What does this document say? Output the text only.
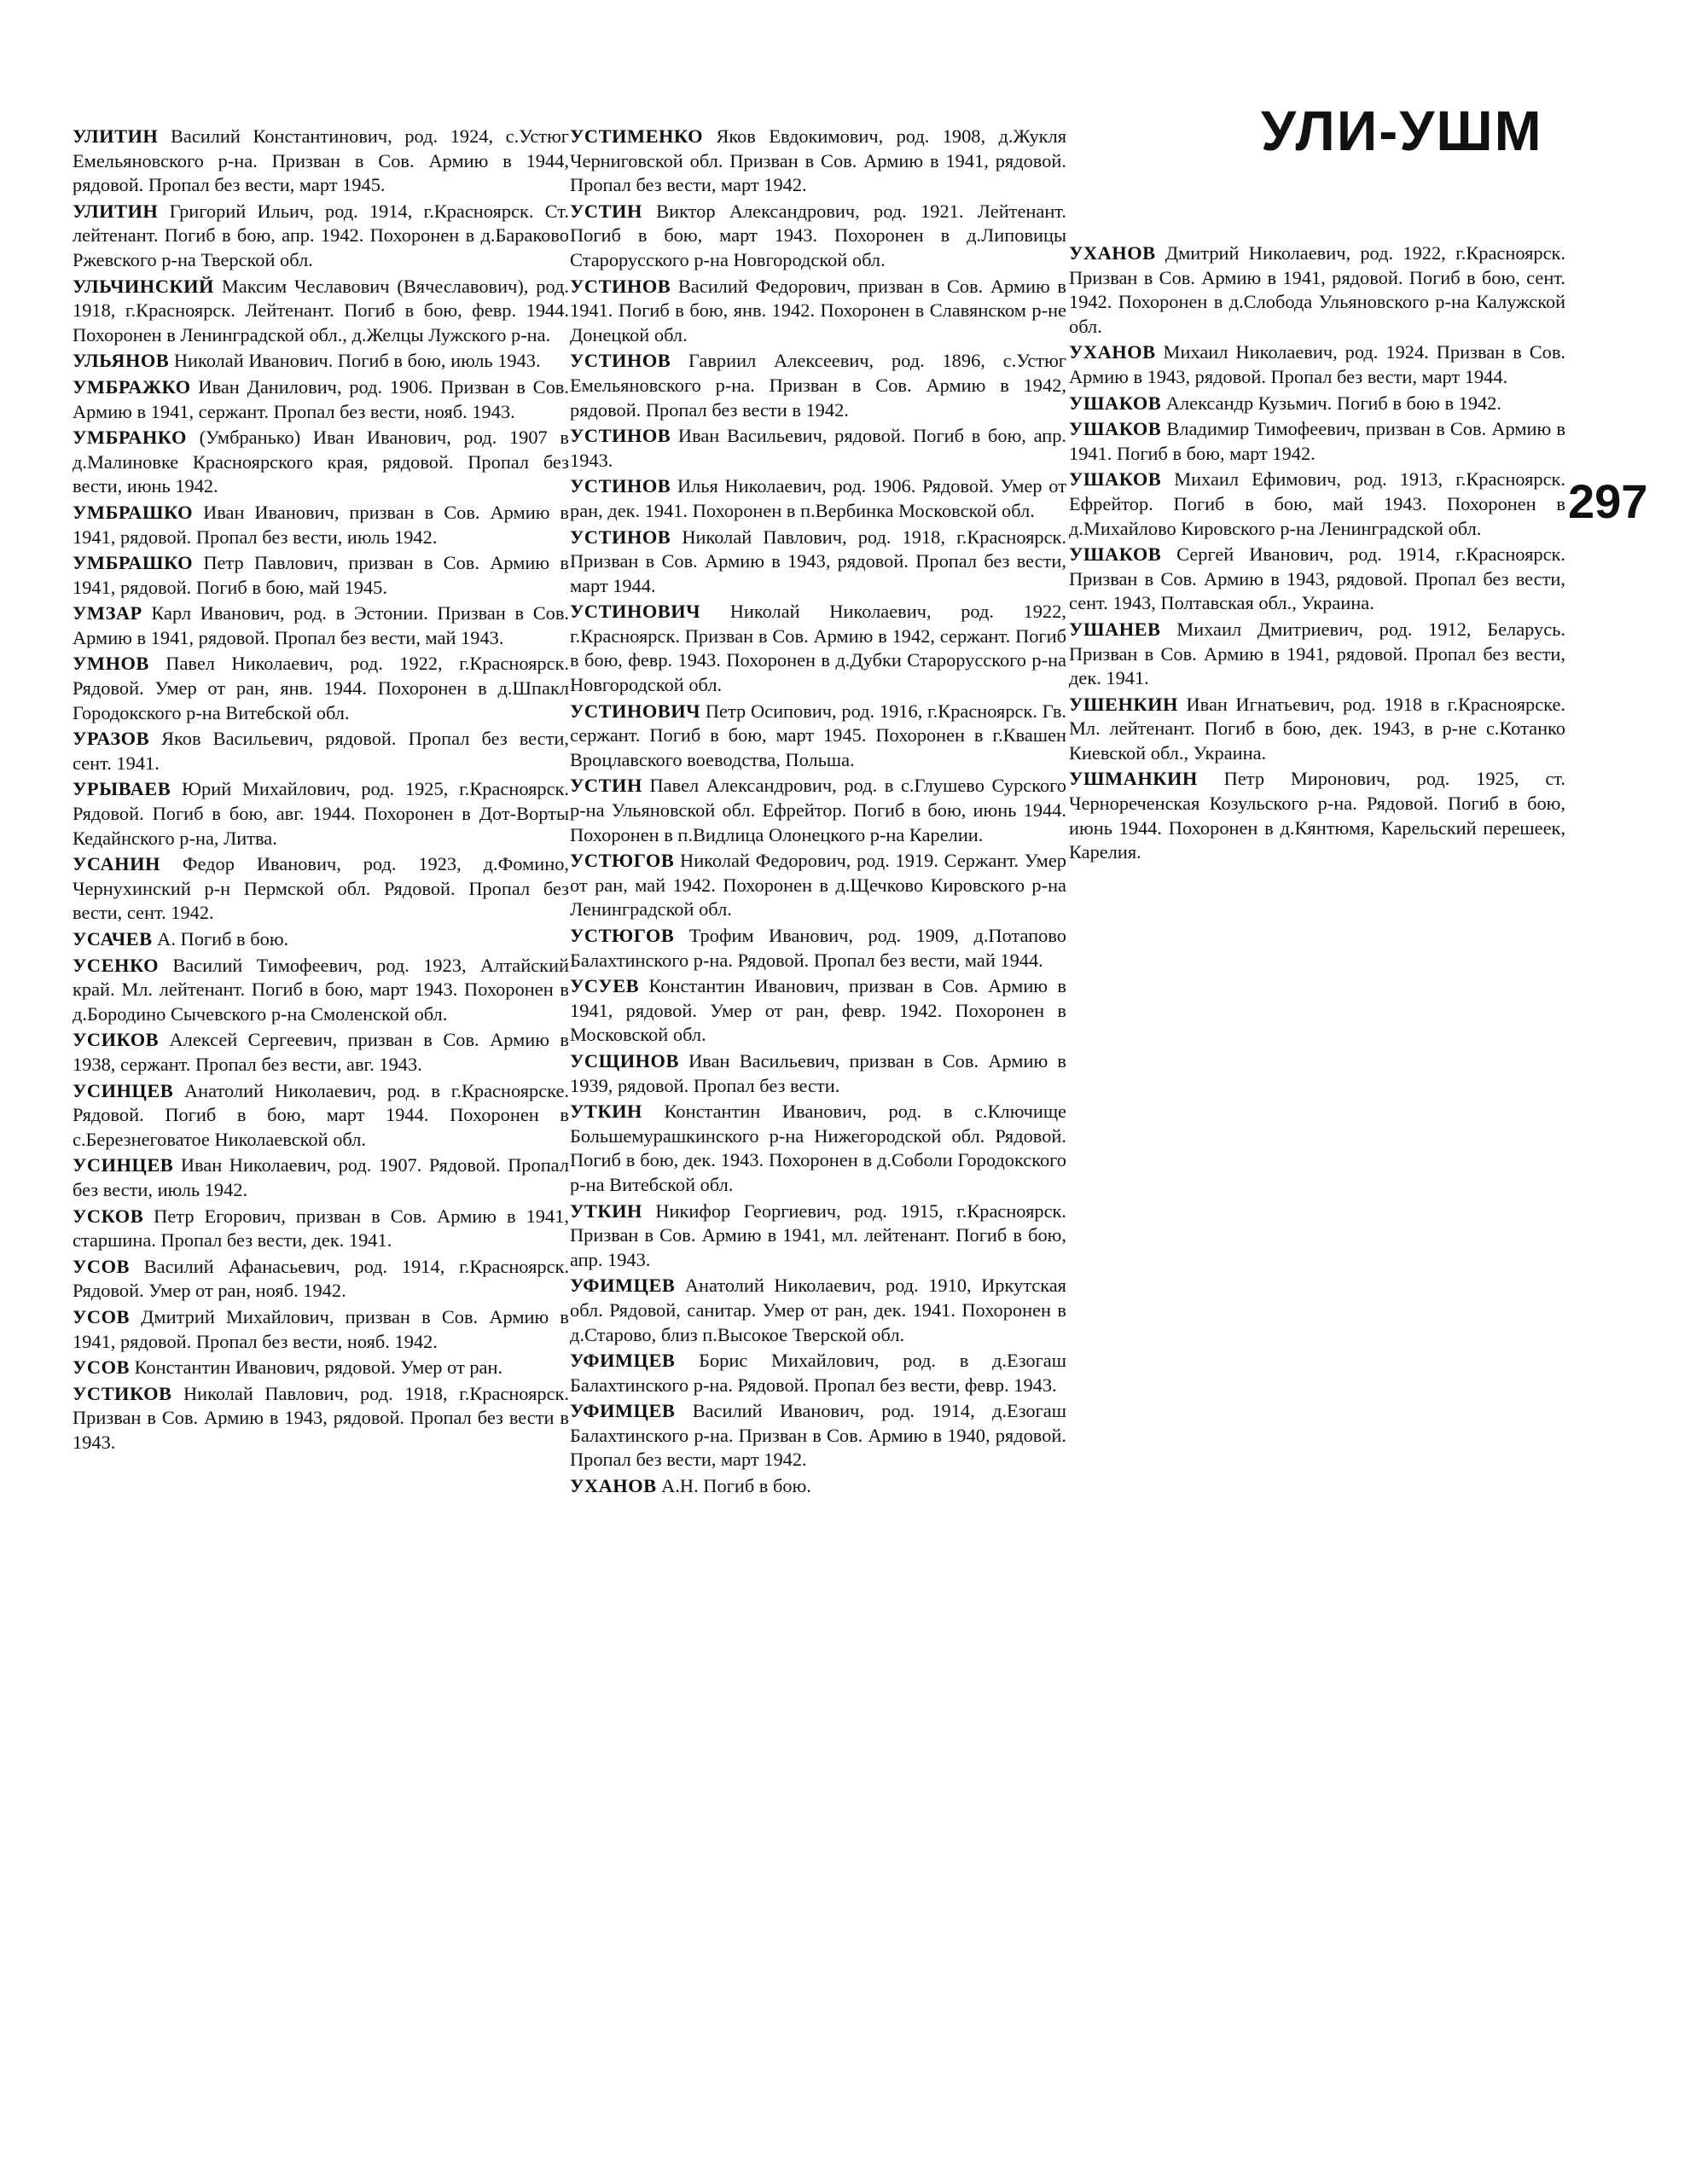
УЛИ-УШМ
297
УЛИТИН Василий Константинович, род. 1924, с.Устюг Емельяновского р-на. Призван в Сов. Армию в 1944, рядовой. Пропал без вести, март 1945.
УЛИТИН Григорий Ильич, род. 1914, г.Красноярск. Ст. лейтенант. Погиб в бою, апр. 1942. Похоронен в д.Бараково Ржевского р-на Тверской обл.
УЛЬЧИНСКИЙ Максим Чеславович (Вячеславович), род. 1918, г.Красноярск. Лейтенант. Погиб в бою, февр. 1944. Похоронен в Ленинградской обл., д.Желцы Лужского р-на.
УЛЬЯНОВ Николай Иванович. Погиб в бою, июль 1943.
УМБРАЖКО Иван Данилович, род. 1906. Призван в Сов. Армию в 1941, сержант. Пропал без вести, нояб. 1943.
УМБРАНКО (Умбранько) Иван Иванович, род. 1907 в д.Малиновке Красноярского края, рядовой. Пропал без вести, июнь 1942.
УМБРАШКО Иван Иванович, призван в Сов. Армию в 1941, рядовой. Пропал без вести, июль 1942.
УМБРАШКО Петр Павлович, призван в Сов. Армию в 1941, рядовой. Погиб в бою, май 1945.
УМЗАР Карл Иванович, род. в Эстонии. Призван в Сов. Армию в 1941, рядовой. Пропал без вести, май 1943.
УМНОВ Павел Николаевич, род. 1922, г.Красноярск. Рядовой. Умер от ран, янв. 1944. Похоронен в д.Шпакл Городокского р-на Витебской обл.
УРАЗОВ Яков Васильевич, рядовой. Пропал без вести, сент. 1941.
УРЫВАЕВ Юрий Михайлович, род. 1925, г.Красноярск. Рядовой. Погиб в бою, авг. 1944. Похоронен в Дот-Ворты Кедайнского р-на, Литва.
УСАНИН Федор Иванович, род. 1923, д.Фомино, Чернухинский р-н Пермской обл. Рядовой. Пропал без вести, сент. 1942.
УСАЧЕВ А. Погиб в бою.
УСЕНКО Василий Тимофеевич, род. 1923, Алтайский край. Мл. лейтенант. Погиб в бою, март 1943. Похоронен в д.Бородино Сычевского р-на Смоленской обл.
УСИКОВ Алексей Сергеевич, призван в Сов. Армию в 1938, сержант. Пропал без вести, авг. 1943.
УСИНЦЕВ Анатолий Николаевич, род. в г.Красноярске. Рядовой. Погиб в бою, март 1944. Похоронен в с.Березнеговатое Николаевской обл.
УСИНЦЕВ Иван Николаевич, род. 1907. Рядовой. Пропал без вести, июль 1942.
УСКОВ Петр Егорович, призван в Сов. Армию в 1941, старшина. Пропал без вести, дек. 1941.
УСОВ Василий Афанасьевич, род. 1914, г.Красноярск. Рядовой. Умер от ран, нояб. 1942.
УСОВ Дмитрий Михайлович, призван в Сов. Армию в 1941, рядовой. Пропал без вести, нояб. 1942.
УСОВ Константин Иванович, рядовой. Умер от ран.
УСТИКОВ Николай Павлович, род. 1918, г.Красноярск. Призван в Сов. Армию в 1943, рядовой. Пропал без вести в 1943.
УСТИМЕНКО Яков Евдокимович, род. 1908, д.Жукля Черниговской обл. Призван в Сов. Армию в 1941, рядовой. Пропал без вести, март 1942.
УСТИН Виктор Александрович, род. 1921. Лейтенант. Погиб в бою, март 1943. Похоронен в д.Липовицы Старорусского р-на Новгородской обл.
УСТИНОВ Василий Федорович, призван в Сов. Армию в 1941. Погиб в бою, янв. 1942. Похоронен в Славянском р-не Донецкой обл.
УСТИНОВ Гавриил Алексеевич, род. 1896, с.Устюг Емельяновского р-на. Призван в Сов. Армию в 1942, рядовой. Пропал без вести в 1942.
УСТИНОВ Иван Васильевич, рядовой. Погиб в бою, апр. 1943.
УСТИНОВ Илья Николаевич, род. 1906. Рядовой. Умер от ран, дек. 1941. Похоронен в п.Вербинка Московской обл.
УСТИНОВ Николай Павлович, род. 1918, г.Красноярск. Призван в Сов. Армию в 1943, рядовой. Пропал без вести, март 1944.
УСТИНОВИЧ Николай Николаевич, род. 1922, г.Красноярск. Призван в Сов. Армию в 1942, сержант. Погиб в бою, февр. 1943. Похоронен в д.Дубки Старорусского р-на Новгородской обл.
УСТИНОВИЧ Петр Осипович, род. 1916, г.Красноярск. Гв. сержант. Погиб в бою, март 1945. Похоронен в г.Квашен Вроцлавского воеводства, Польша.
УСТИН Павел Александрович, род. в с.Глушево Сурского р-на Ульяновской обл. Ефрейтор. Погиб в бою, июнь 1944. Похоронен в п.Видлица Олонецкого р-на Карелии.
УСТЮГОВ Николай Федорович, род. 1919. Сержант. Умер от ран, май 1942. Похоронен в д.Щечково Кировского р-на Ленинградской обл.
УСТЮГОВ Трофим Иванович, род. 1909, д.Потапово Балахтинского р-на. Рядовой. Пропал без вести, май 1944.
УСУЕВ Константин Иванович, призван в Сов. Армию в 1941, рядовой. Умер от ран, февр. 1942. Похоронен в Московской обл.
УСЩИНОВ Иван Васильевич, призван в Сов. Армию в 1939, рядовой. Пропал без вести.
УТКИН Константин Иванович, род. в с.Ключище Большемурашкинского р-на Нижегородской обл. Рядовой. Погиб в бою, дек. 1943. Похоронен в д.Соболи Городокского р-на Витебской обл.
УТКИН Никифор Георгиевич, род. 1915, г.Красноярск. Призван в Сов. Армию в 1941, мл. лейтенант. Погиб в бою, апр. 1943.
УФИМЦЕВ Анатолий Николаевич, род. 1910, Иркутская обл. Рядовой, санитар. Умер от ран, дек. 1941. Похоронен в д.Старово, близ п.Высокое Тверской обл.
УФИМЦЕВ Борис Михайлович, род. в д.Езогаш Балахтинского р-на. Рядовой. Пропал без вести, февр. 1943.
УФИМЦЕВ Василий Иванович, род. 1914, д.Езогаш Балахтинского р-на. Призван в Сов. Армию в 1940, рядовой. Пропал без вести, март 1942.
УХАНОВ А.Н. Погиб в бою.
УХАНОВ Дмитрий Николаевич, род. 1922, г.Красноярск. Призван в Сов. Армию в 1941, рядовой. Погиб в бою, сент. 1942. Похоронен в д.Слобода Ульяновского р-на Калужской обл.
УХАНОВ Михаил Николаевич, род. 1924. Призван в Сов. Армию в 1943, рядовой. Пропал без вести, март 1944.
УШАКОВ Александр Кузьмич. Погиб в бою в 1942.
УШАКОВ Владимир Тимофеевич, призван в Сов. Армию в 1941. Погиб в бою, март 1942.
УШАКОВ Михаил Ефимович, род. 1913, г.Красноярск. Ефрейтор. Погиб в бою, май 1943. Похоронен в д.Михайлово Кировского р-на Ленинградской обл.
УШАКОВ Сергей Иванович, род. 1914, г.Красноярск. Призван в Сов. Армию в 1943, рядовой. Пропал без вести, сент. 1943, Полтавская обл., Украина.
УШАНЕВ Михаил Дмитриевич, род. 1912, Беларусь. Призван в Сов. Армию в 1941, рядовой. Пропал без вести, дек. 1941.
УШЕНКИН Иван Игнатьевич, род. 1918 в г.Красноярске. Мл. лейтенант. Погиб в бою, дек. 1943, в р-не с.Котанко Киевской обл., Украина.
УШМАНКИН Петр Миронович, род. 1925, ст. Чернореченская Козульского р-на. Рядовой. Погиб в бою, июнь 1944. Похоронен в д.Кянтюмя, Карельский перешеек, Карелия.
